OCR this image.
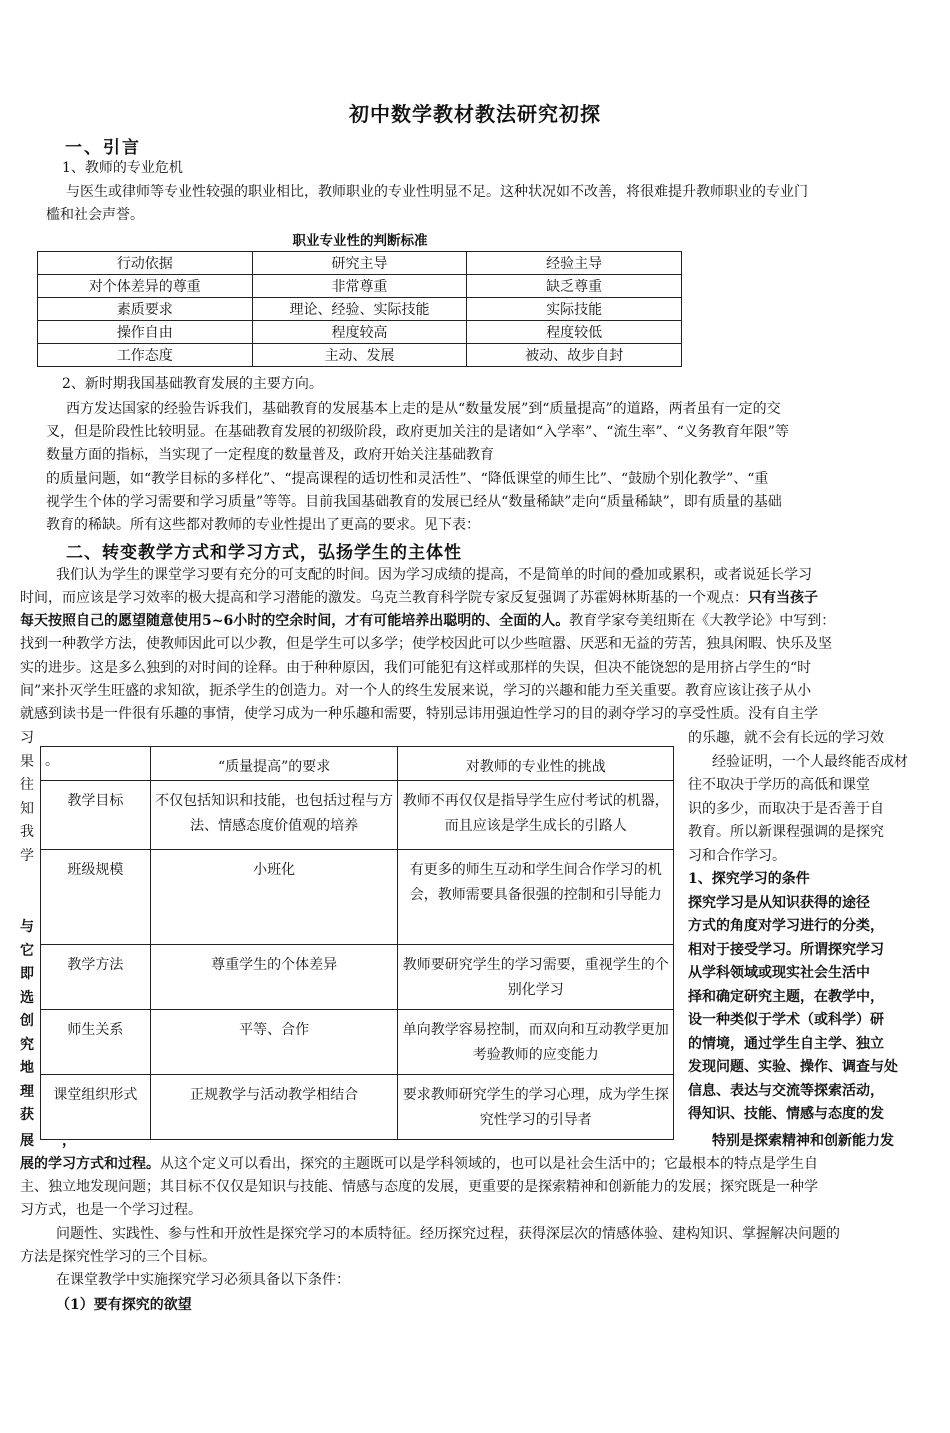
初中数学教材教法研究初探
一、引言
1、教师的专业危机
与医生或律师等专业性较强的职业相比，教师职业的专业性明显不足。这种状况如不改善，将很难提升教师职业的专业门
槛和社会声誉。
职业专业性的判断标准
行动依据	研究主导	经验主导
对个体差异的尊重	非常尊重	缺乏尊重
素质要求	理论、经验、实际技能	实际技能
操作自由	程度较高	程度较低
工作态度	主动、发展	被动、故步自封
2、新时期我国基础教育发展的主要方向。
西方发达国家的经验告诉我们，基础教育的发展基本上走的是从“数量发展”到“质量提高”的道路，两者虽有一定的交
叉，但是阶段性比较明显。在基础教育发展的初级阶段，政府更加关注的是诸如“入学率”、“流生率”、“义务教育年限”等
数量方面的指标，当实现了一定程度的数量普及，政府开始关注基础教育
的质量问题，如“教学目标的多样化”、“提高课程的适切性和灵活性”、“降低课堂的师生比”、“鼓励个别化教学”、“重
视学生个体的学习需要和学习质量”等等。目前我国基础教育的发展已经从“数量稀缺”走向“质量稀缺”，即有质量的基础
教育的稀缺。所有这些都对教师的专业性提出了更高的要求。见下表：
二、转变教学方式和学习方式，弘扬学生的主体性
我们认为学生的课堂学习要有充分的可支配的时间。因为学习成绩的提高，不是简单的时间的叠加或累积，或者说延长学习
时间，而应该是学习效率的极大提高和学习潜能的激发。乌克兰教育科学院专家反复强调了苏霍姆林斯基的一个观点：只有当孩子
每天按照自己的愿望随意使用5~6小时的空余时间，才有可能培养出聪明的、全面的人。教育学家夸美纽斯在《大教学论》中写到：
找到一种教学方法，使教师因此可以少教，但是学生可以多学；使学校因此可以少些喧嚣、厌恶和无益的劳苦，独具闲暇、快乐及坚
实的进步。这是多么独到的对时间的诠释。由于种种原因，我们可能犯有这样或那样的失误，但决不能饶恕的是用挤占学生的“时
间”来扑灭学生旺盛的求知欲，扼杀学生的创造力。对一个人的终生发展来说，学习的兴趣和能力至关重要。教育应该让孩子从小
就感到读书是一件很有乐趣的事情，使学习成为一种乐趣和需要，特别忌讳用强迫性学习的目的剥夺学习的享受性质。没有自主学
习
果
往
知
我
学
与
它
即
选
创
究
地
理
获
展 ，
。	“质量提高”的要求	对教师的专业性的挑战
教学目标	不仅包括知识和技能，也包括过程与方法、情感态度价值观的培养	教师不再仅仅是指导学生应付考试的机器，而且应该是学生成长的引路人
班级规模	小班化	有更多的师生互动和学生间合作学习的机会，教师需要具备很强的控制和引导能力
教学方法	尊重学生的个体差异	教师要研究学生的学习需要，重视学生的个别化学习
师生关系	平等、合作	单向教学容易控制，而双向和互动教学更加考验教师的应变能力
课堂组织形式	正规教学与活动教学相结合	要求教师研究学生的学习心理，成为学生探究性学习的引导者
的乐趣，就不会有长远的学习效
经验证明，一个人最终能否成材
往不取决于学历的高低和课堂
识的多少，而取决于是否善于自
教育。所以新课程强调的是探究
习和合作学习。
1、探究学习的条件
探究学习是从知识获得的途径
方式的角度对学习进行的分类，
相对于接受学习。所谓探究学习
从学科领域或现实社会生活中
择和确定研究主题，在教学中，
设一种类似于学术（或科学）研
的情境，通过学生自主学、独立
发现问题、实验、操作、调查与处
信息、表达与交流等探索活动，
得知识、技能、情感与态度的发
特别是探索精神和创新能力发
展的学习方式和过程。从这个定义可以看出，探究的主题既可以是学科领域的，也可以是社会生活中的；它最根本的特点是学生自
主、独立地发现问题；其目标不仅仅是知识与技能、情感与态度的发展，更重要的是探索精神和创新能力的发展；探究既是一种学
习方式，也是一个学习过程。
问题性、实践性、参与性和开放性是探究学习的本质特征。经历探究过程，获得深层次的情感体验、建构知识、掌握解决问题的
方法是探究性学习的三个目标。
在课堂教学中实施探究学习必须具备以下条件：
（1）要有探究的欲望
